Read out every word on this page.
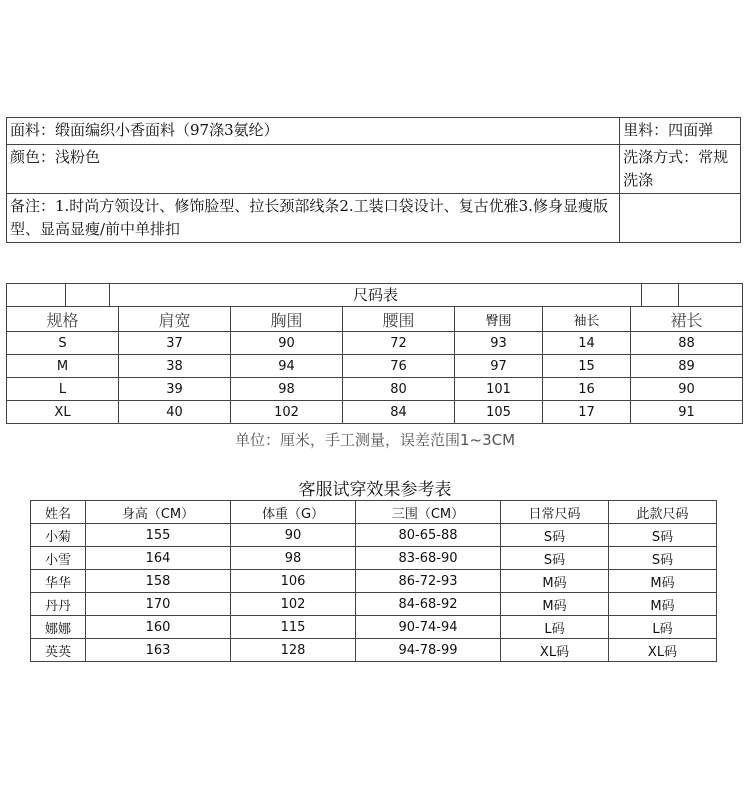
面料：缎面编织小香面料（97涤3氨纶）	里料：四面弹
颜色：浅粉色	洗涤方式：常规洗涤
备注：1.时尚方领设计、修饰脸型、拉长颈部线条2.工装口袋设计、复古优雅3.修身显瘦版型、显高显瘦/前中单排扣	
尺码表						

规格	肩宽	胸围	腰围	臀围	袖长	裙长
S	37	90	72	93	14	88
M	38	94	76	97	15	89
L	39	98	80	101	16	90
XL	40	102	84	105	17	91
单位：厘米，手工测量，误差范围1~3CM
客服试穿效果参考表
姓名	身高（CM）	体重（G）	三围（CM）	日常尺码	此款尺码
小菊	155	90	80-65-88	S码	S码
小雪	164	98	83-68-90	S码	S码
华华	158	106	86-72-93	M码	M码
丹丹	170	102	84-68-92	M码	M码
娜娜	160	115	90-74-94	L码	L码
英英	163	128	94-78-99	XL码	XL码
